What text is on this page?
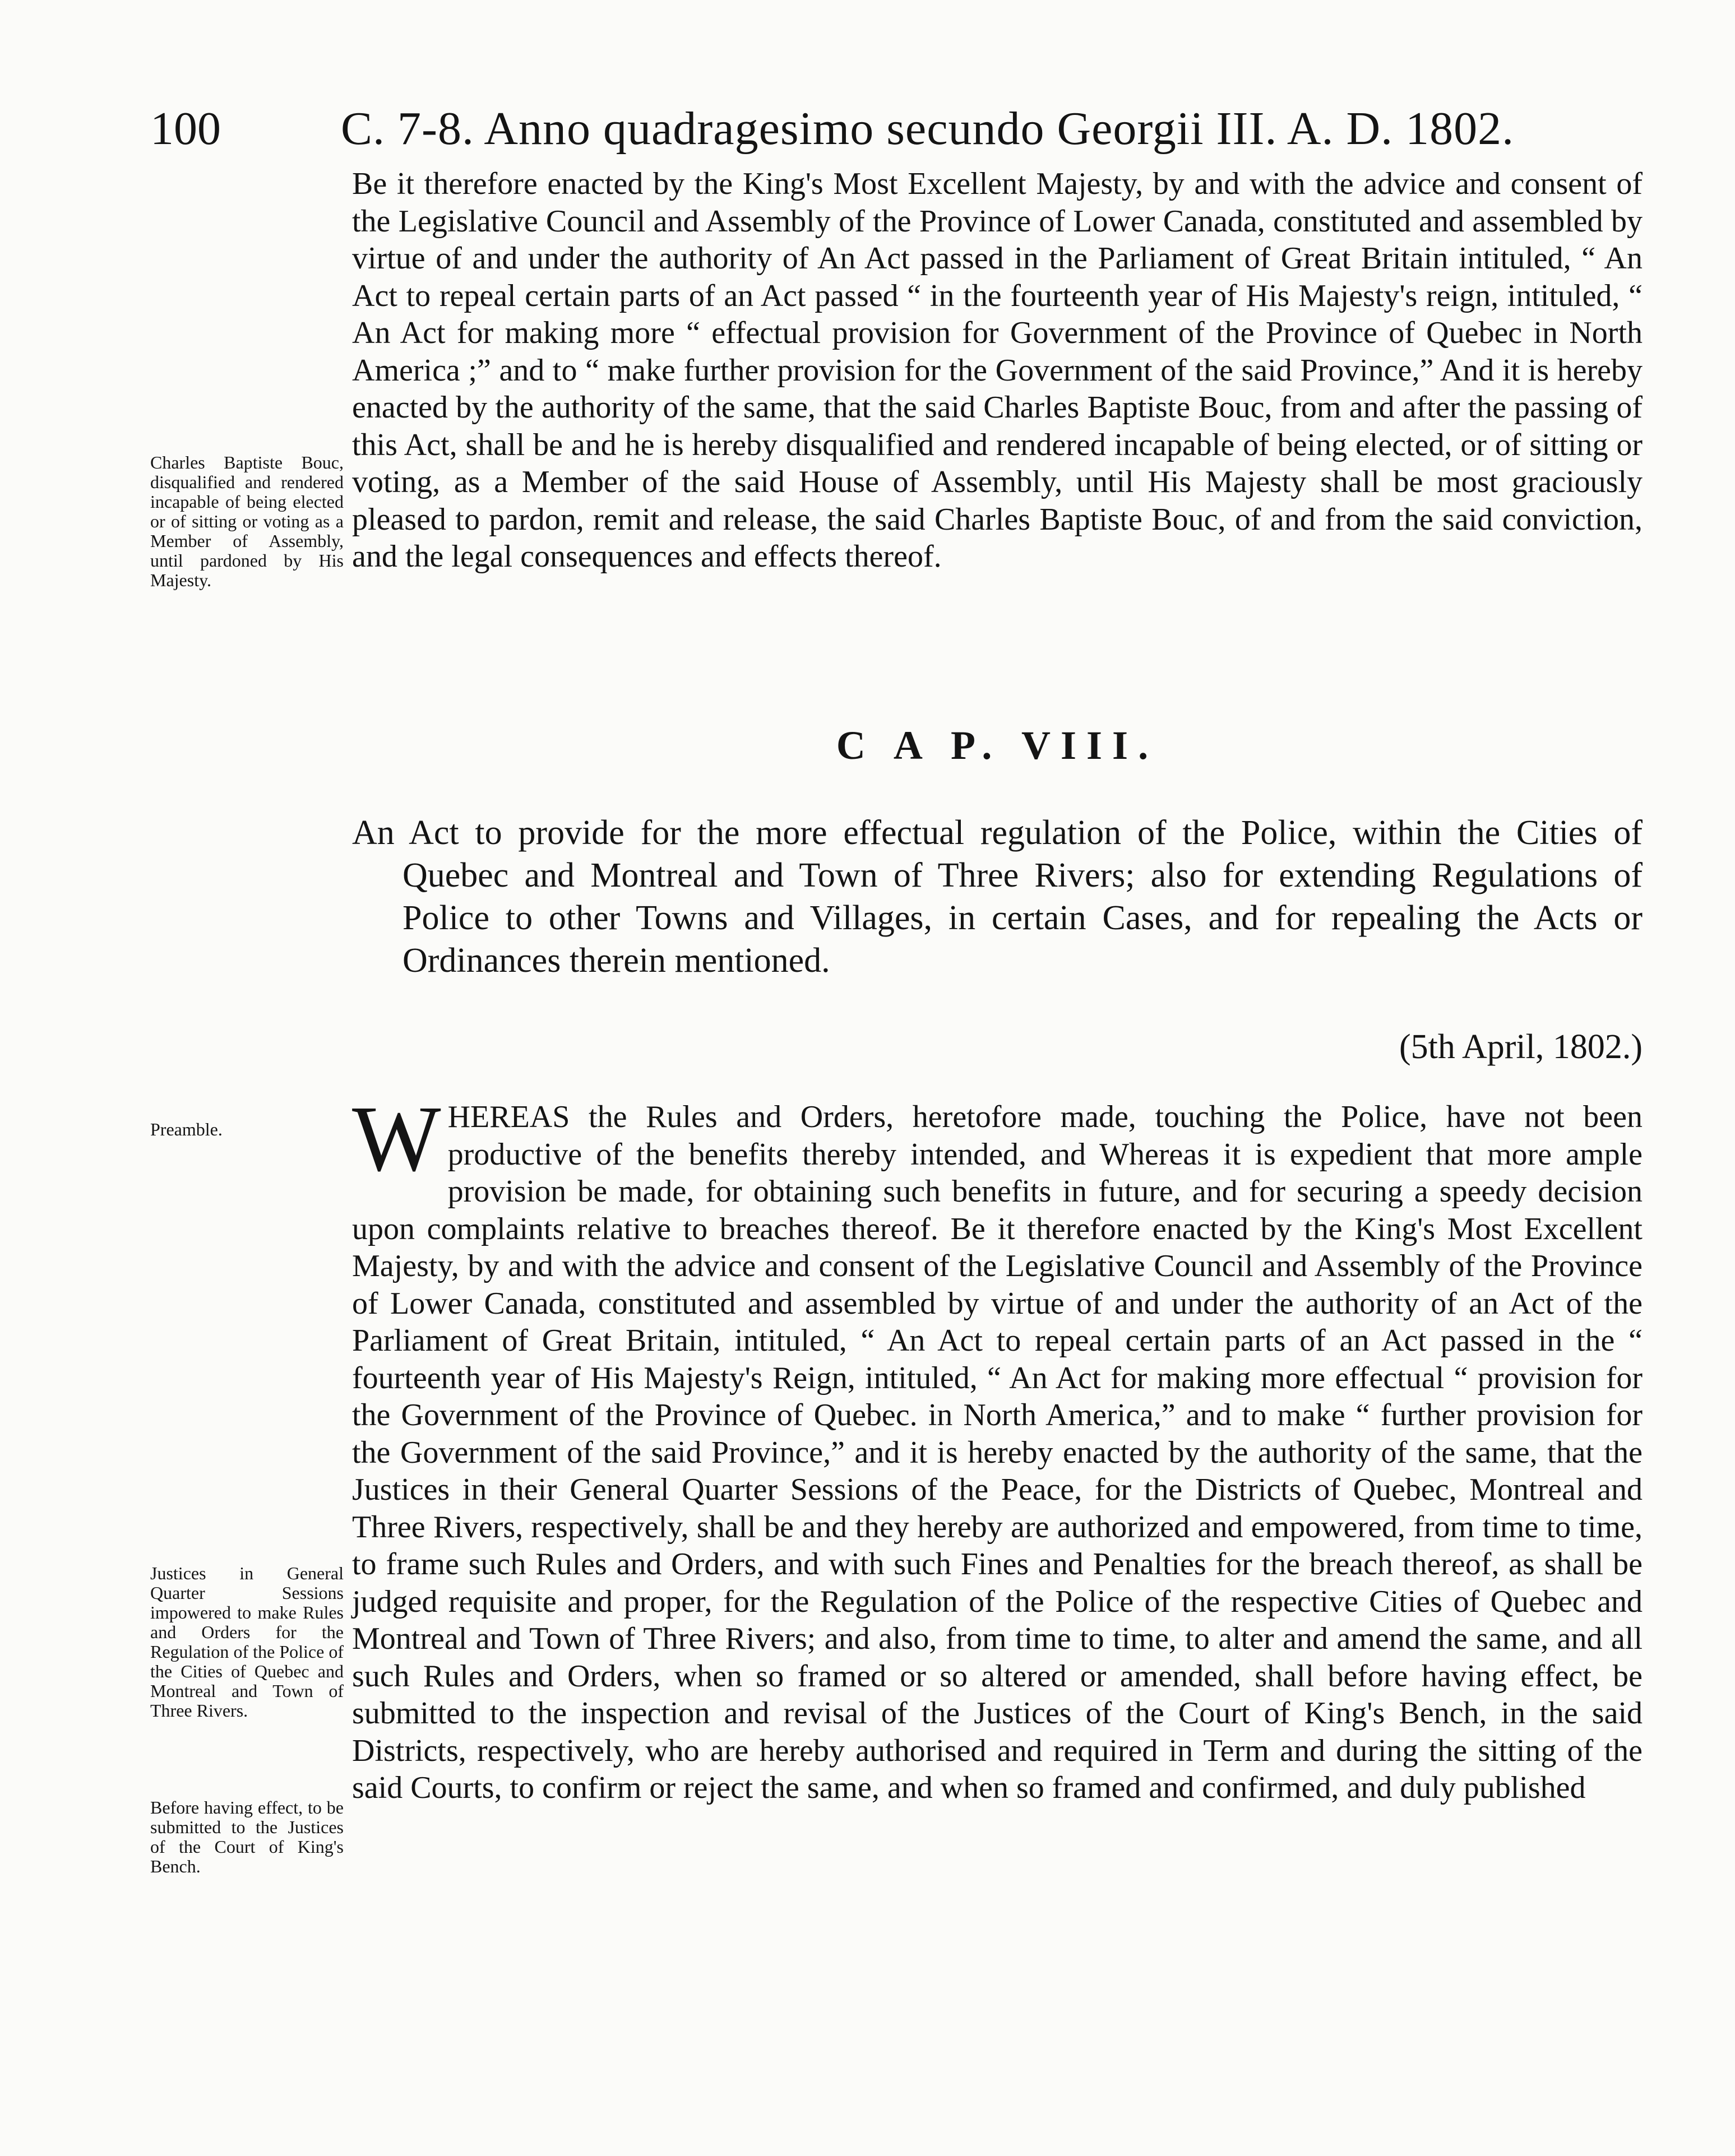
100	C. 7-8. Anno quadragesimo secundo Georgii III. A. D. 1802.

Charles Baptiste Bouc, disqualified and rendered incapable of being elected or of sitting or voting as a Member of Assembly, until pardoned by His Majesty.

Be it therefore enacted by the King's Most Excellent Majesty, by and with the advice and consent of the Legislative Council and Assembly of the Province of Lower Canada, constituted and assembled by virtue of and under the authority of An Act passed in the Parliament of Great Britain intituled, “ An Act to repeal certain parts of an Act passed “ in the fourteenth year of His Majesty's reign, intituled, “ An Act for making more “ effectual provision for Government of the Province of Quebec in North America ;” and to “ make further provision for the Government of the said Province,” And it is hereby enacted by the authority of the same, that the said Charles Baptiste Bouc, from and after the passing of this Act, shall be and he is hereby disqualified and rendered incapable of being elected, or of sitting or voting, as a Member of the said House of Assembly, until His Majesty shall be most graciously pleased to pardon, remit and release, the said Charles Baptiste Bouc, of and from the said conviction, and the legal consequences and effects thereof.

C A P. VIII.

An Act to provide for the more effectual regulation of the Police, within the Cities of Quebec and Montreal and Town of Three Rivers; also for extending Regulations of Police to other Towns and Villages, in certain Cases, and for repealing the Acts or Ordinances therein mentioned.

(5th April, 1802.)

Preamble.	WHEREAS the Rules and Orders, heretofore made, touching the Police, have not been productive of the benefits thereby intended, and Whereas it is expedient that more ample provision be made, for obtaining such benefits in future, and for securing a speedy decision upon complaints relative to breaches thereof. Be it therefore enacted by the King's Most Excellent Majesty, by and with the advice and consent of the Legislative Council and Assembly of the Province of Lower Canada, constituted and assembled by virtue of and under the authority of an Act of the Parliament of Great Britain, intituled, “ An Act to repeal certain parts of an Act passed in the “ fourteenth year of His Majesty's Reign, intituled, “ An Act for making more effectual “ provision for the Government of the Province of Quebec. in North America,” and to make “ further provision for the Government of the said Province,” and it is hereby enacted by the authority of the same, that the Justices in their General Quarter Sessions of the Peace, for the Districts of Quebec, Montreal and Three Rivers, respectively, shall be and they hereby are authorized and empowered, from time to time, to frame such Rules and Orders, and with such Fines and Penalties for the breach thereof, as shall be judged requisite and proper, for the Regulation of the Police of the respective Cities of Quebec and Montreal and Town of Three Rivers; and also, from time to time, to alter and amend the same, and all such Rules and Orders, when so framed or so altered or amended, shall before having effect, be submitted to the inspection and revisal of the Justices of the Court of King's Bench, in the said Districts, respectively, who are hereby authorised and required in Term and during the sitting of the said Courts, to confirm or reject the same, and when so framed and confirmed, and duly published

Justices in General Quarter Sessions impowered to make Rules and Orders for the Regulation of the Police of the Cities of Quebec and Montreal and Town of Three Rivers.

Before having effect, to be submitted to the Justices of the Court of King's Bench.
